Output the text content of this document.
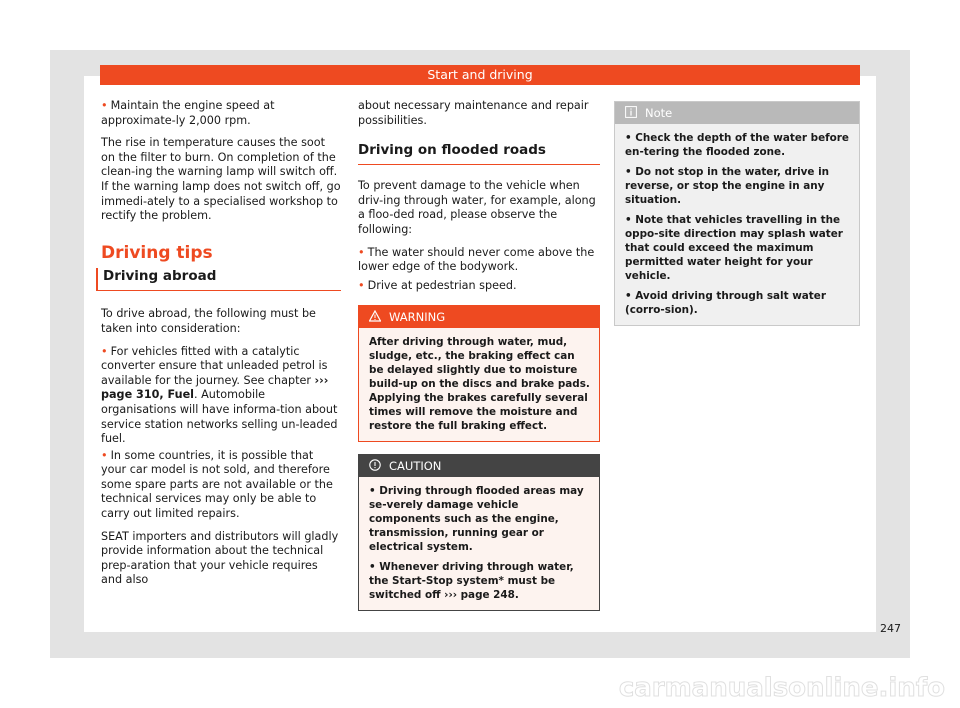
Start and driving

• Maintain the engine speed at approximate-ly 2,000 rpm.

The rise in temperature causes the soot on the filter to burn. On completion of the clean-ing the warning lamp will switch off. If the warning lamp does not switch off, go immedi-ately to a specialised workshop to rectify the problem.

Driving tips
Driving abroad

To drive abroad, the following must be taken into consideration:

• For vehicles fitted with a catalytic converter ensure that unleaded petrol is available for the journey. See chapter ››› page 310, Fuel. Automobile organisations will have informa-tion about service station networks selling un-leaded fuel.

• In some countries, it is possible that your car model is not sold, and therefore some spare parts are not available or the technical services may only be able to carry out limited repairs.

SEAT importers and distributors will gladly provide information about the technical prep-aration that your vehicle requires and also

about necessary maintenance and repair possibilities.

Driving on flooded roads

To prevent damage to the vehicle when driv-ing through water, for example, along a floo-ded road, please observe the following:

• The water should never come above the lower edge of the bodywork.

• Drive at pedestrian speed.

WARNING
After driving through water, mud, sludge, etc., the braking effect can be delayed slightly due to moisture build-up on the discs and brake pads. Applying the brakes carefully several times will remove the moisture and restore the full braking effect.
CAUTION

• Driving through flooded areas may se-verely damage vehicle components such as the engine, transmission, running gear or electrical system.

• Whenever driving through water, the Start-Stop system* must be switched off ››› page 248.

Note

• Check the depth of the water before en-tering the flooded zone.

• Do not stop in the water, drive in reverse, or stop the engine in any situation.

• Note that vehicles travelling in the oppo-site direction may splash water that could exceed the maximum permitted water height for your vehicle.

• Avoid driving through salt water (corro-sion).

247
carmanualsonline.info
